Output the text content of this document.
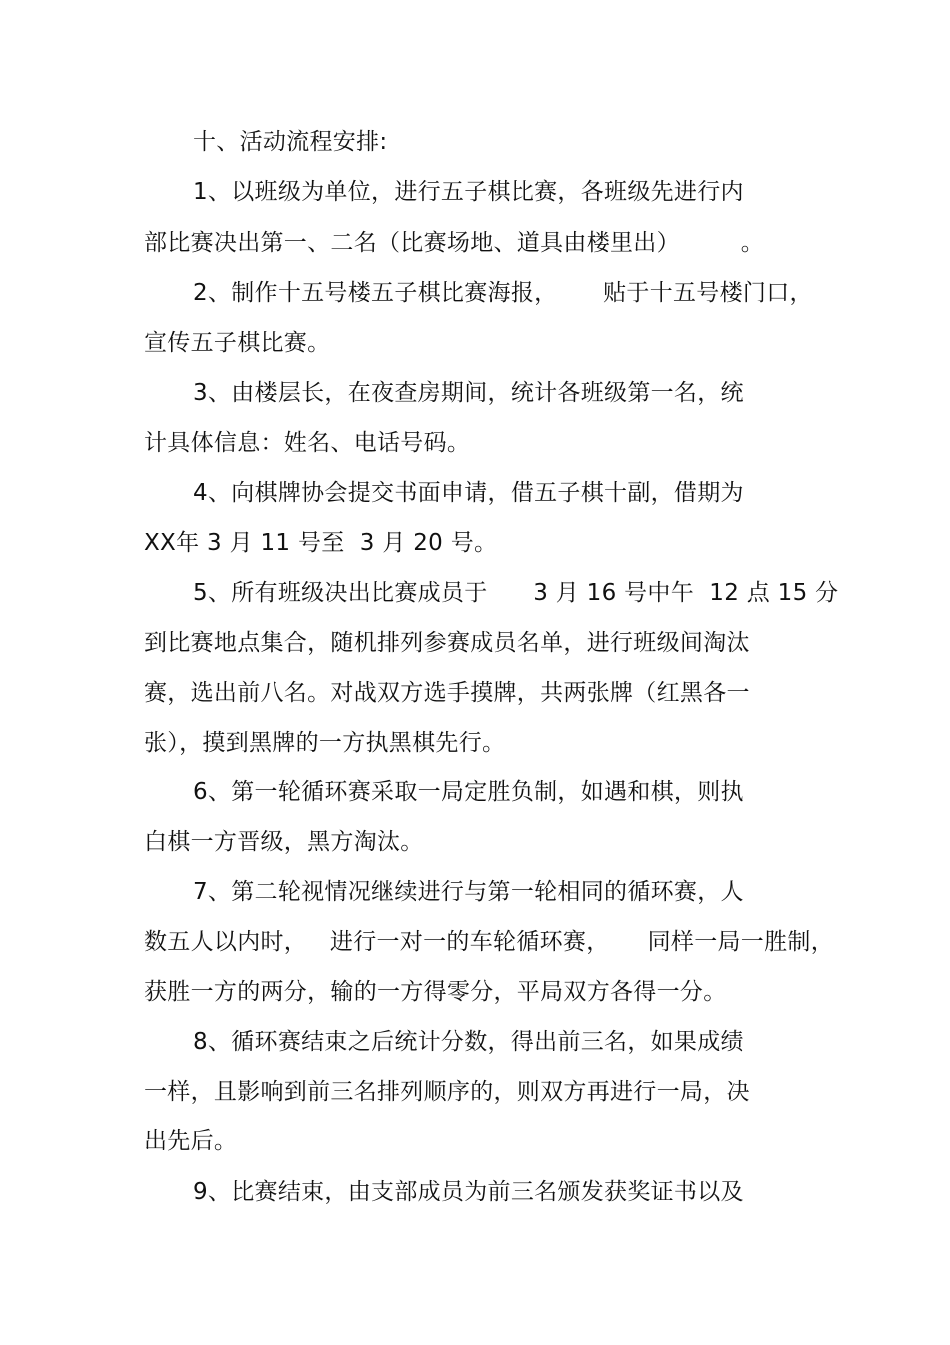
十、活动流程安排:
1、以班级为单位，进行五子棋比赛，各班级先进行内
部比赛决出第一、二名（比赛场地、道具由楼里出）        。
2、制作十五号楼五子棋比赛海报，      贴于十五号楼门口，
宣传五子棋比赛。
3、由楼层长，在夜查房期间，统计各班级第一名，统
计具体信息：姓名、电话号码。
4、向棋牌协会提交书面申请，借五子棋十副，借期为
XX年 3 月 11 号至  3 月 20 号。
5、所有班级决出比赛成员于      3 月 16 号中午  12 点 15 分
到比赛地点集合，随机排列参赛成员名单，进行班级间淘汰
赛，选出前八名。对战双方选手摸牌，共两张牌（红黑各一
张），摸到黑牌的一方执黑棋先行。
6、第一轮循环赛采取一局定胜负制，如遇和棋，则执
白棋一方晋级，黑方淘汰。
7、第二轮视情况继续进行与第一轮相同的循环赛，人
数五人以内时，   进行一对一的车轮循环赛，     同样一局一胜制，
获胜一方的两分，输的一方得零分，平局双方各得一分。
8、循环赛结束之后统计分数，得出前三名，如果成绩
一样，且影响到前三名排列顺序的，则双方再进行一局，决
出先后。
9、比赛结束，由支部成员为前三名颁发获奖证书以及
